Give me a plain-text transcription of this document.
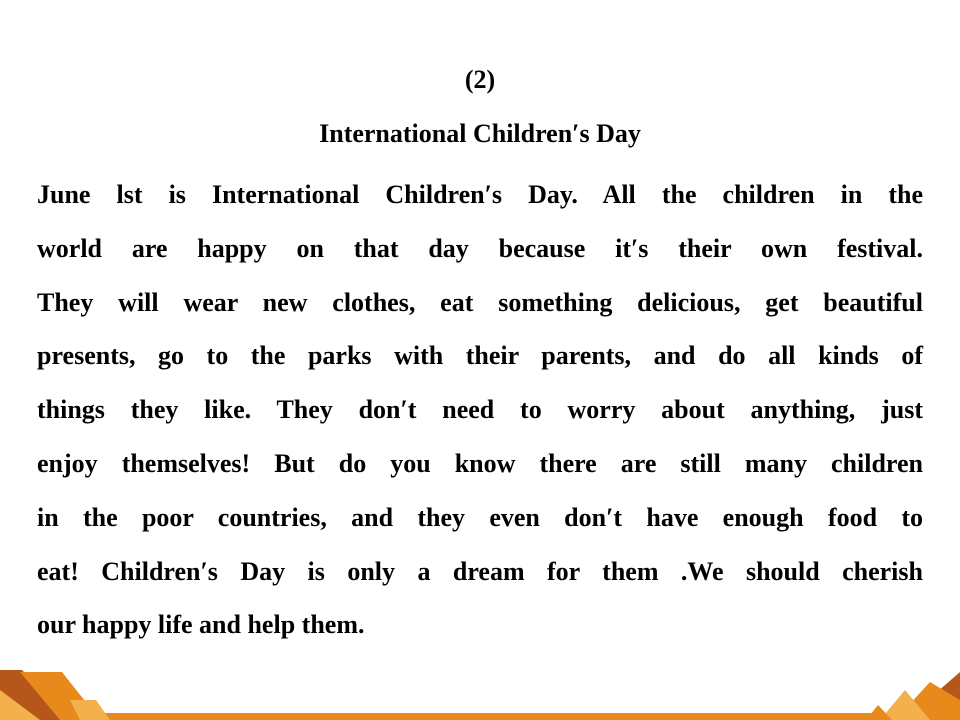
(2)
International Children′s Day
June lst is International Children′s Day. All the children in the
world are happy on that day because it′s their own festival.
They will wear new clothes, eat something delicious, get beautiful
presents, go to the parks with their parents, and do all kinds of
things they like. They don′t need to worry about anything, just
enjoy themselves! But do you know there are still many children
in the poor countries, and they even don′t have enough food to
eat! Children′s Day is only a dream for them .We should cherish
our happy life and help them.
